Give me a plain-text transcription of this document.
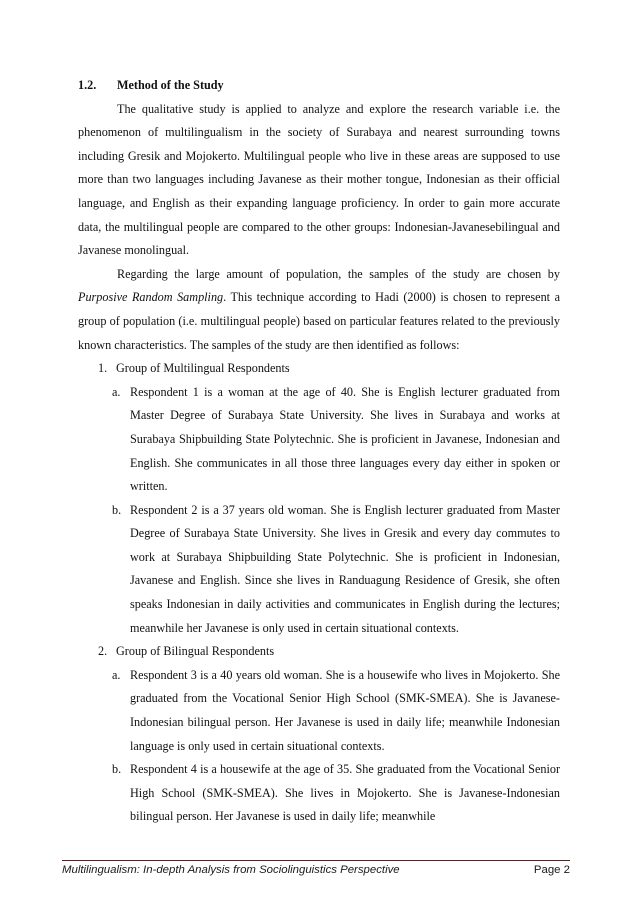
1.2. Method of the Study

The qualitative study is applied to analyze and explore the research variable i.e. the phenomenon of multilingualism in the society of Surabaya and nearest surrounding towns including Gresik and Mojokerto. Multilingual people who live in these areas are supposed to use more than two languages including Javanese as their mother tongue, Indonesian as their official language, and English as their expanding language proficiency. In order to gain more accurate data, the multilingual people are compared to the other groups: Indonesian-Javanesebilingual and Javanese monolingual.

Regarding the large amount of population, the samples of the study are chosen by Purposive Random Sampling. This technique according to Hadi (2000) is chosen to represent a group of population (i.e. multilingual people) based on particular features related to the previously known characteristics. The samples of the study are then identified as follows:

1. Group of Multilingual Respondents
a. Respondent 1 is a woman at the age of 40. She is English lecturer graduated from Master Degree of Surabaya State University. She lives in Surabaya and works at Surabaya Shipbuilding State Polytechnic. She is proficient in Javanese, Indonesian and English. She communicates in all those three languages every day either in spoken or written.
b. Respondent 2 is a 37 years old woman. She is English lecturer graduated from Master Degree of Surabaya State University. She lives in Gresik and every day commutes to work at Surabaya Shipbuilding State Polytechnic. She is proficient in Indonesian, Javanese and English. Since she lives in Randuagung Residence of Gresik, she often speaks Indonesian in daily activities and communicates in English during the lectures; meanwhile her Javanese is only used in certain situational contexts.
2. Group of Bilingual Respondents
a. Respondent 3 is a 40 years old woman. She is a housewife who lives in Mojokerto. She graduated from the Vocational Senior High School (SMK-SMEA). She is Javanese-Indonesian bilingual person. Her Javanese is used in daily life; meanwhile Indonesian language is only used in certain situational contexts.
b. Respondent 4 is a housewife at the age of 35. She graduated from the Vocational Senior High School (SMK-SMEA). She lives in Mojokerto. She is Javanese-Indonesian bilingual person. Her Javanese is used in daily life; meanwhile
Multilingualism: In-depth Analysis from Sociolinguistics Perspective	Page 2
